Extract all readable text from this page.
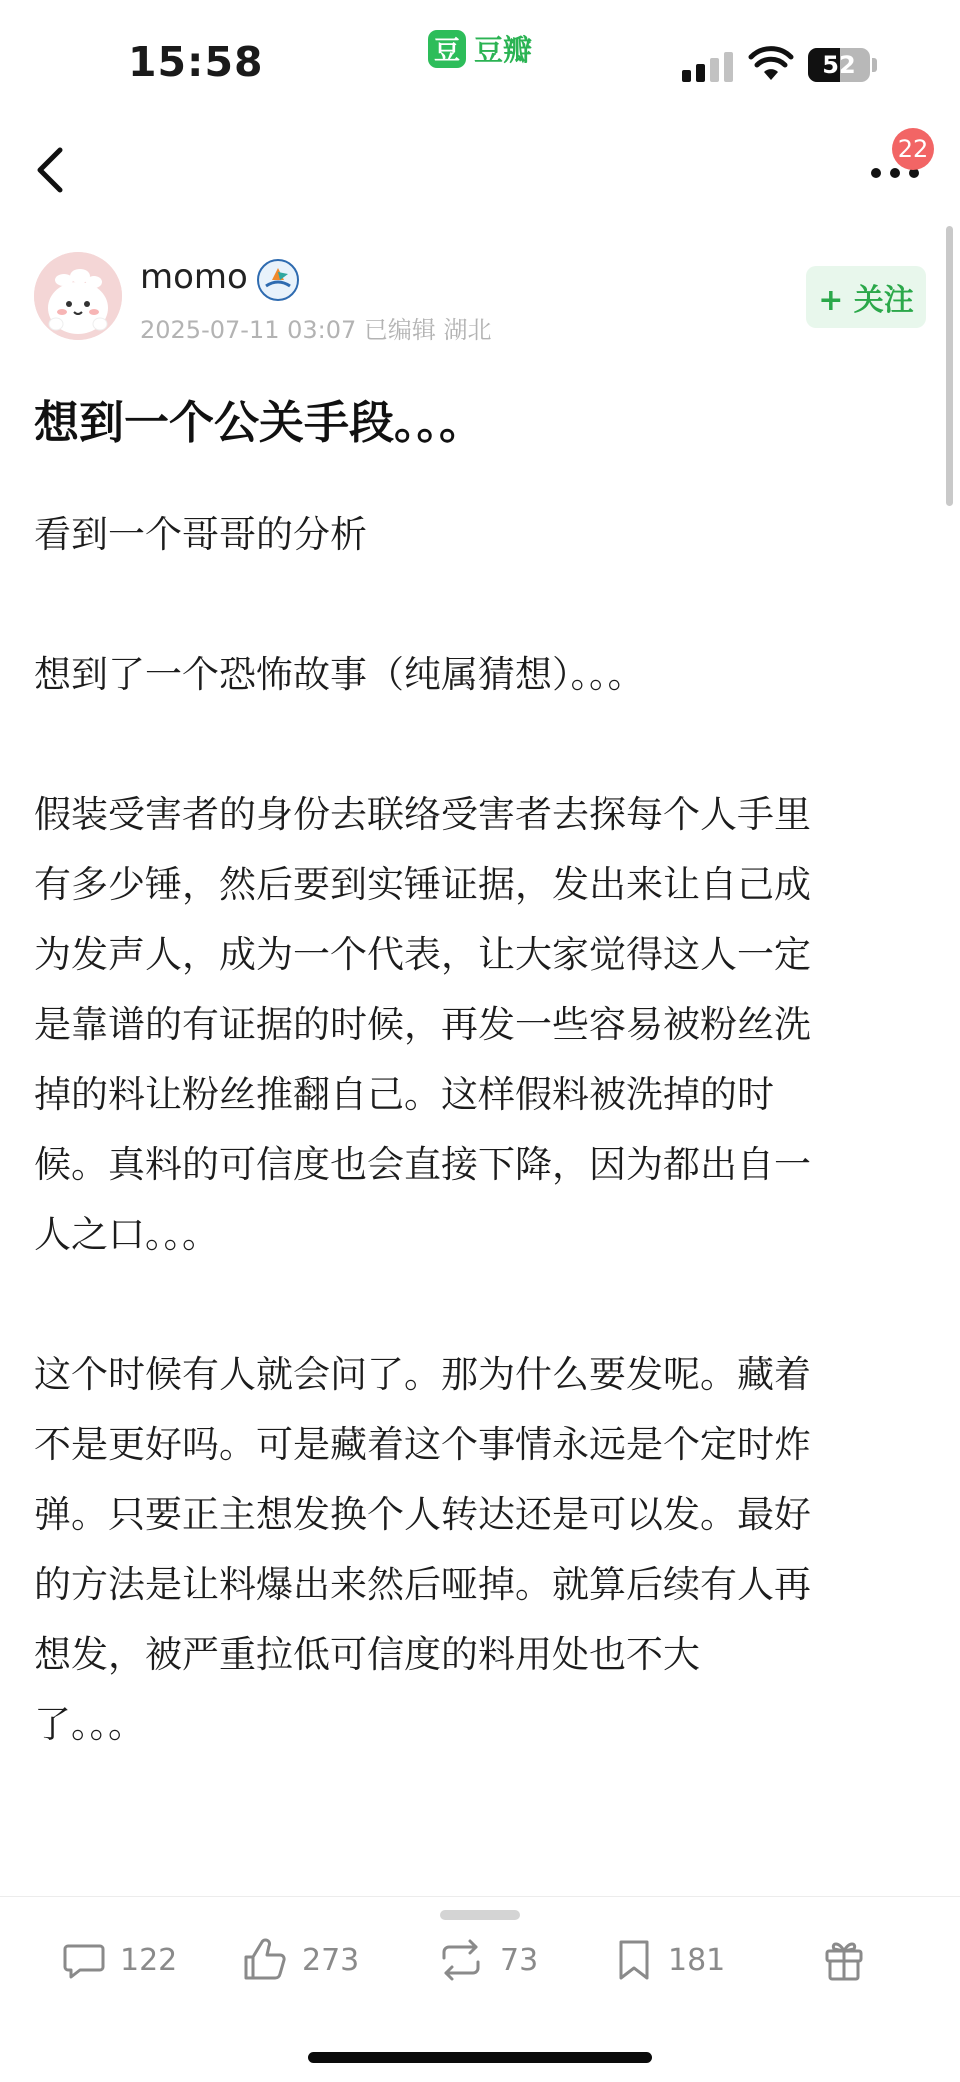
15:58	豆 豆瓣	52
22
momo
2025-07-11 03:07 已编辑 湖北
+ 关注
想到一个公关手段。。。

看到一个哥哥的分析

想到了一个恐怖故事（纯属猜想）。。。

假装受害者的身份去联络受害者去探每个人手里
有多少锤，然后要到实锤证据，发出来让自己成
为发声人，成为一个代表，让大家觉得这人一定
是靠谱的有证据的时候，再发一些容易被粉丝洗
掉的料让粉丝推翻自己。这样假料被洗掉的时
候。真料的可信度也会直接下降，因为都出自一
人之口。。。

这个时候有人就会问了。那为什么要发呢。藏着
不是更好吗。可是藏着这个事情永远是个定时炸
弹。只要正主想发换个人转达还是可以发。最好
的方法是让料爆出来然后哑掉。就算后续有人再
想发，被严重拉低可信度的料用处也不大
了。。。

122	273	73	181
